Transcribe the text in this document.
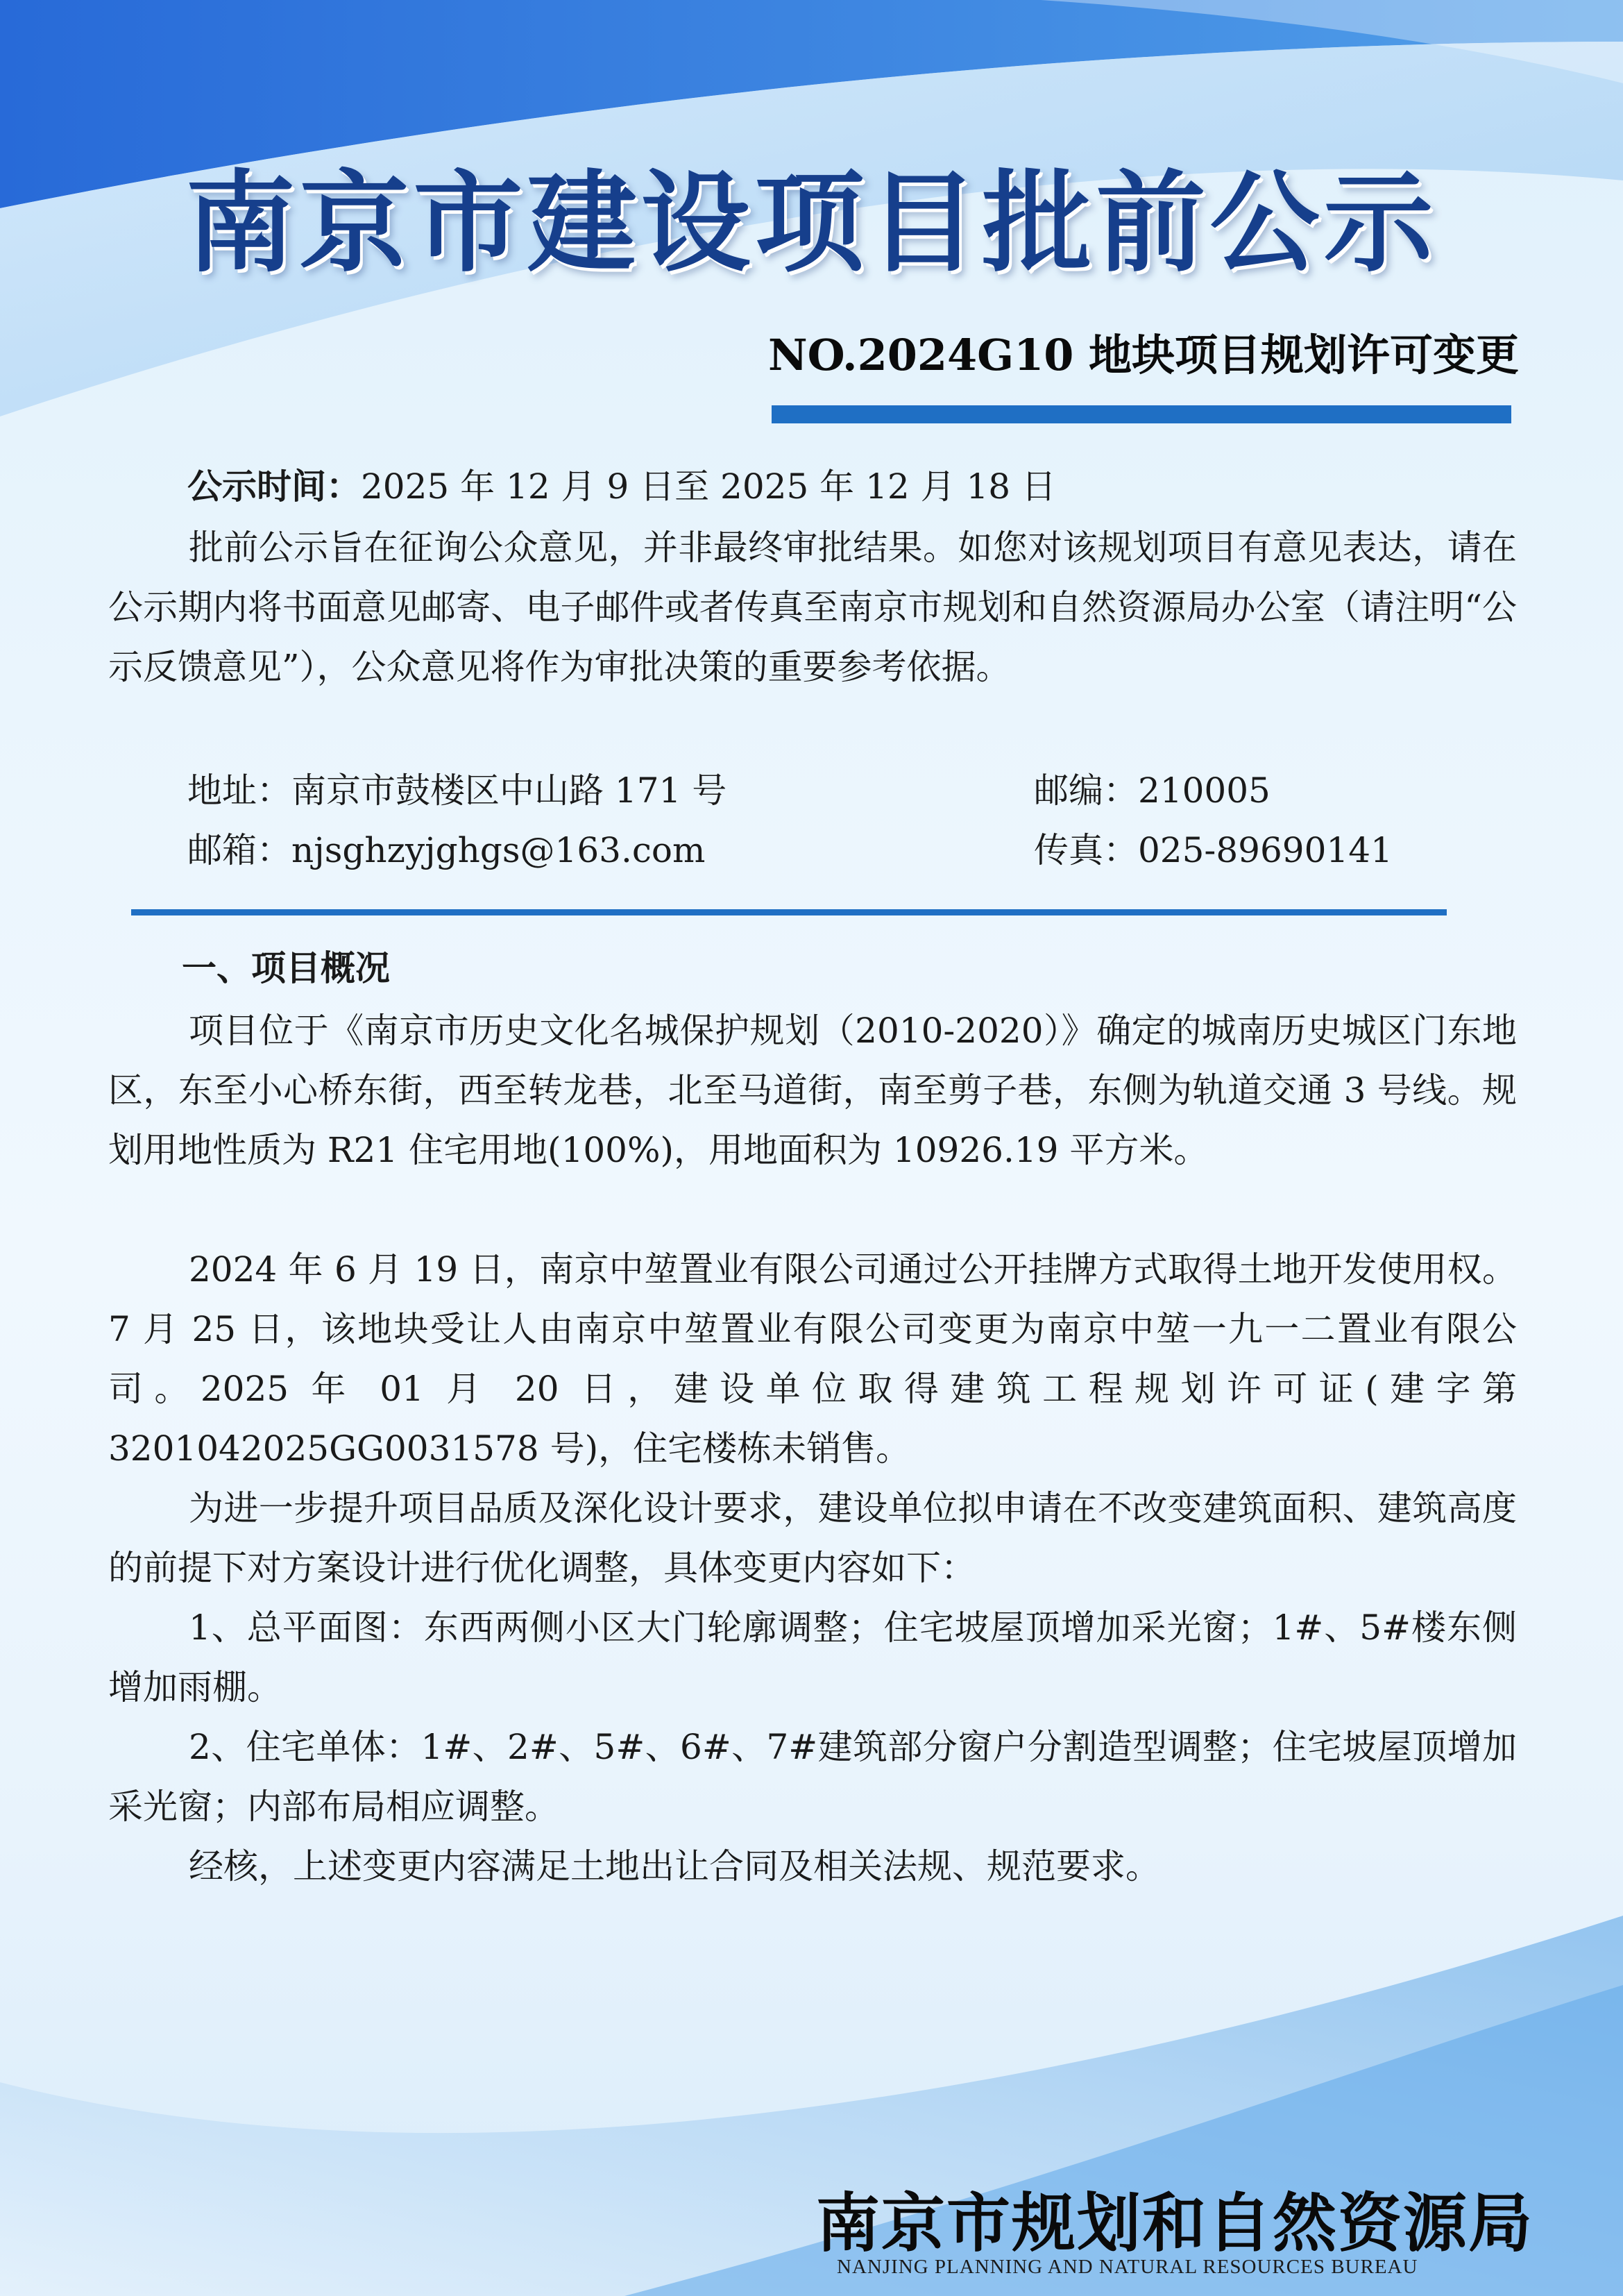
南京市建设项目批前公示
NO.2024G10 地块项目规划许可变更
公示时间：2025 年 12 月 9 日至 2025 年 12 月 18 日
批前公示旨在征询公众意见，并非最终审批结果。如您对该规划项目有意见表达，请在公示期内将书面意见邮寄、电子邮件或者传真至南京市规划和自然资源局办公室（请注明“公示反馈意见”），公众意见将作为审批决策的重要参考依据。
地址：南京市鼓楼区中山路 171 号	邮编：210005
邮箱：njsghzyjghgs@163.com	传真：025-89690141
一、项目概况
项目位于《南京市历史文化名城保护规划（2010-2020）》确定的城南历史城区门东地区，东至小心桥东街，西至转龙巷，北至马道街，南至剪子巷，东侧为轨道交通 3 号线。规划用地性质为 R21 住宅用地(100%)，用地面积为 10926.19 平方米。
2024 年 6 月 19 日，南京中堃置业有限公司通过公开挂牌方式取得土地开发使用权。7 月 25 日，该地块受让人由南京中堃置业有限公司变更为南京中堃一九一二置业有限公司。2025 年 01 月 20 日，建设单位取得建筑工程规划许可证(建字第 3201042025GG0031578 号)，住宅楼栋未销售。
为进一步提升项目品质及深化设计要求，建设单位拟申请在不改变建筑面积、建筑高度的前提下对方案设计进行优化调整，具体变更内容如下：
1、总平面图：东西两侧小区大门轮廓调整；住宅坡屋顶增加采光窗；1#、5#楼东侧增加雨棚。
2、住宅单体：1#、2#、5#、6#、7#建筑部分窗户分割造型调整；住宅坡屋顶增加采光窗；内部布局相应调整。
经核，上述变更内容满足土地出让合同及相关法规、规范要求。
南京市规划和自然资源局
NANJING PLANNING AND NATURAL RESOURCES BUREAU
